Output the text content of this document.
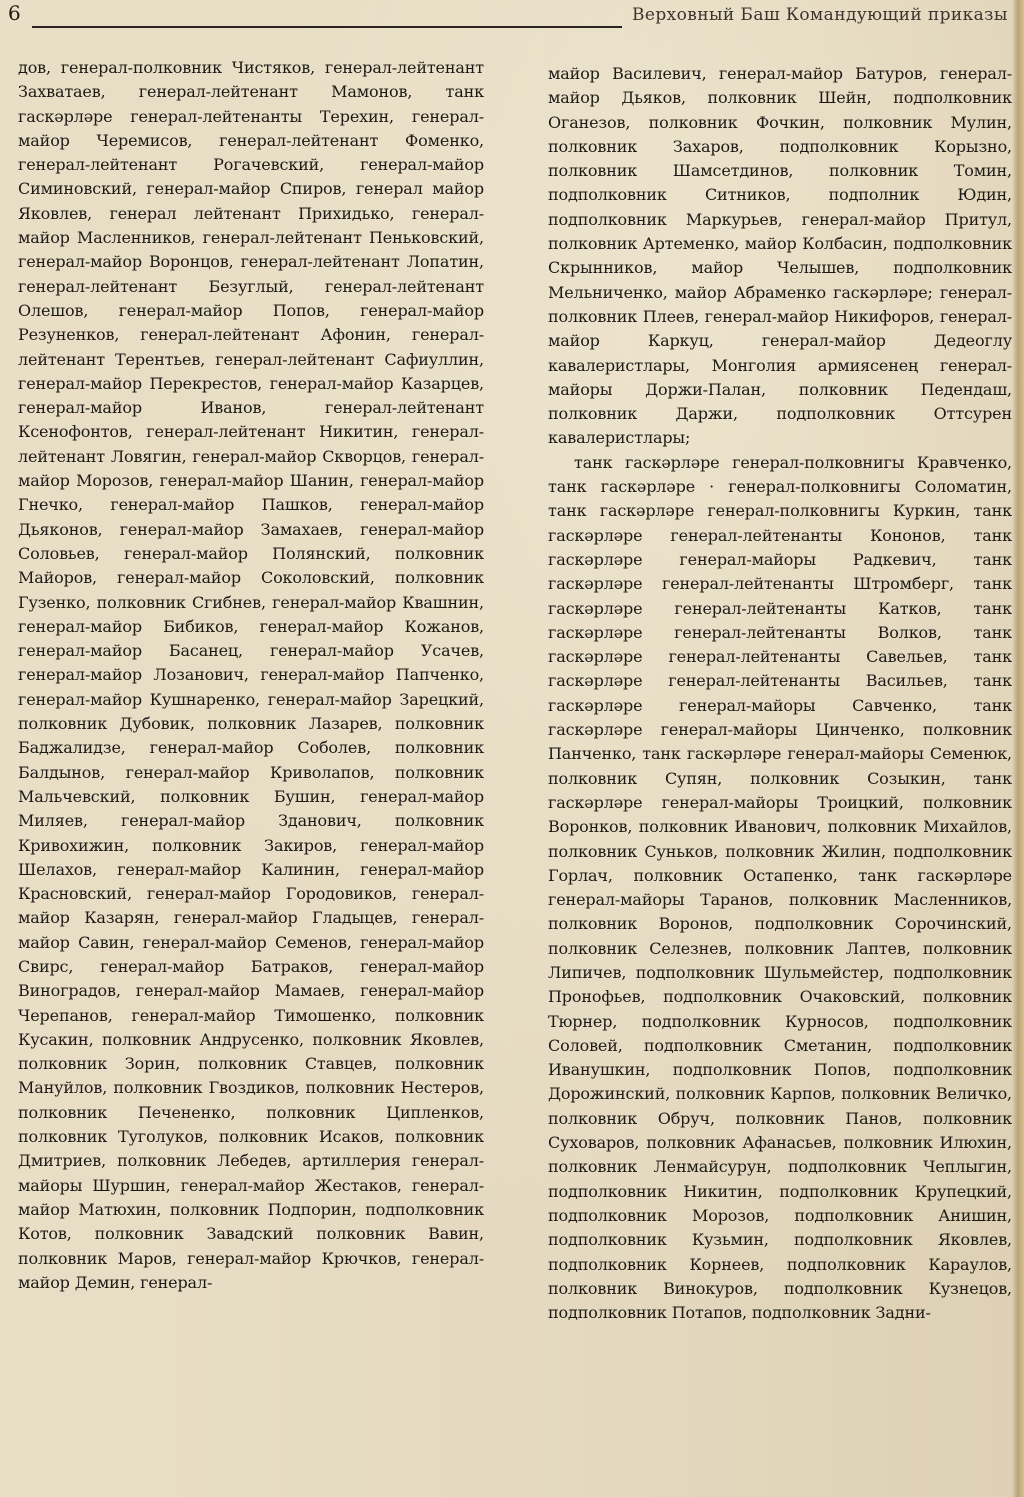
6	Верховный Баш Командующий приказы

дов, генерал-полковник Чистяков, генерал-лейтенант Захватаев, генерал-лейтенант Мамонов, танк гаскәрләре генерал-лейтенанты Терехин, генерал-майор Черемисов, генерал-лейтенант Фоменко, генерал-лейтенант Рогачевский, генерал-майор Симиновский, генерал-майор Спиров, генерал майор Яковлев, генерал лейтенант Прихидько, генерал-майор Масленников, генерал-лейтенант Пеньковский, генерал-майор Воронцов, генерал-лейтенант Лопатин, генерал-лейтенант Безуглый, генерал-лейтенант Олешов, генерал-майор Попов, генерал-майор Резуненков, генерал-лейтенант Афонин, генерал-лейтенант Терентьев, генерал-лейтенант Сафиуллин, генерал-майор Перекрестов, генерал-майор Казарцев, генерал-майор Иванов, генерал-лейтенант Ксенофонтов, генерал-лейтенант Никитин, генерал-лейтенант Ловягин, генерал-майор Скворцов, генерал-майор Морозов, генерал-майор Шанин, генерал-майор Гнечко, генерал-майор Пашков, генерал-майор Дьяконов, генерал-майор Замахаев, генерал-майор Соловьев, генерал-майор Полянский, полковник Майоров, генерал-майор Соколовский, полковник Гузенко, полковник Сгибнев, генерал-майор Квашнин, генерал-майор Бибиков, генерал-майор Кожанов, генерал-майор Басанец, генерал-майор Усачев, генерал-майор Лозанович, генерал-майор Папченко, генерал-майор Кушнаренко, генерал-майор Зарецкий, полковник Дубовик, полковник Лазарев, полковник Баджалидзе, генерал-майор Соболев, полковник Балдынов, генерал-майор Криволапов, полковник Мальчевский, полковник Бушин, генерал-майор Миляев, генерал-майор Зданович, полковник Кривохижин, полковник Закиров, генерал-майор Шелахов, генерал-майор Калинин, генерал-майор Красновский, генерал-майор Городовиков, генерал-майор Казарян, генерал-майор Гладыцев, генерал-майор Савин, генерал-майор Семенов, генерал-майор Свирс, генерал-майор Батраков, генерал-майор Виноградов, генерал-майор Мамаев, генерал-майор Черепанов, генерал-майор Тимошенко, полковник Кусакин, полковник Андрусенко, полковник Яковлев, полковник Зорин, полковник Ставцев, полковник Мануйлов, полковник Гвоздиков, полковник Нестеров, полковник Печененко, полковник Ципленков, полковник Туголуков, полковник Исаков, полковник Дмитриев, полковник Лебедев, артиллерия генерал-майоры Шуршин, генерал-майор Жестаков, генерал-майор Матюхин, полковник Подпорин, подполковник Котов, полковник Завадский полковник Вавин, полковник Маров, генерал-майор Крючков, генерал-майор Демин, генерал-

майор Василевич, генерал-майор Батуров, генерал-майор Дьяков, полковник Шейн, подполковник Оганезов, полковник Фочкин, полковник Мулин, полковник Захаров, подполковник Корызно, полковник Шамсетдинов, полковник Томин, подполковник Ситников, подполник Юдин, подполковник Маркурьев, генерал-майор Притул, полковник Артеменко, майор Колбасин, подполковник Скрынников, майор Челышев, подполковник Мельниченко, майор Абраменко гаскәрләре; генерал-полковник Плеев, генерал-майор Никифоров, генерал-майор Каркуц, генерал-майор Дедеоглу кавалеристлары, Монголия армиясенең генерал-майоры Доржи-Палан, полковник Педендаш, полковник Даржи, подполковник Оттсурен кавалеристлары;

танк гаскәрләре генерал-полковнигы Кравченко, танк гаскәрләре · генерал-полковнигы Соломатин, танк гаскәрләре генерал-полковнигы Куркин, танк гаскәрләре генерал-лейтенанты Кононов, танк гаскәрләре генерал-майоры Радкевич, танк гаскәрләре генерал-лейтенанты Штромберг, танк гаскәрләре генерал-лейтенанты Катков, танк гаскәрләре генерал-лейтенанты Волков, танк гаскәрләре генерал-лейтенанты Савельев, танк гаскәрләре генерал-лейтенанты Васильев, танк гаскәрләре генерал-майоры Савченко, танк гаскәрләре генерал-майоры Цинченко, полковник Панченко, танк гаскәрләре генерал-майоры Семенюк, полковник Супян, полковник Созыкин, танк гаскәрләре генерал-майоры Троицкий, полковник Воронков, полковник Иванович, полковник Михайлов, полковник Суньков, полковник Жилин, подполковник Горлач, полковник Остапенко, танк гаскәрләре генерал-майоры Таранов, полковник Масленников, полковник Воронов, подполковник Сорочинский, полковник Селезнев, полковник Лаптев, полковник Липичев, подполковник Шульмейстер, подполковник Пронофьев, подполковник Очаковский, полковник Тюрнер, подполковник Курносов, подполковник Соловей, подполковник Сметанин, подполковник Иванушкин, подполковник Попов, подполковник Дорожинский, полковник Карпов, полковник Величко, полковник Обруч, полковник Панов, полковник Суховаров, полковник Афанасьев, полковник Илюхин, полковник Ленмайсурун, подполковник Чеплыгин, подполковник Никитин, подполковник Крупецкий, подполковник Морозов, подполковник Анишин, подполковник Кузьмин, подполковник Яковлев, подполковник Корнеев, подполковник Караулов, полковник Винокуров, подполковник Кузнецов, подполковник Потапов, подполковник Задни-
